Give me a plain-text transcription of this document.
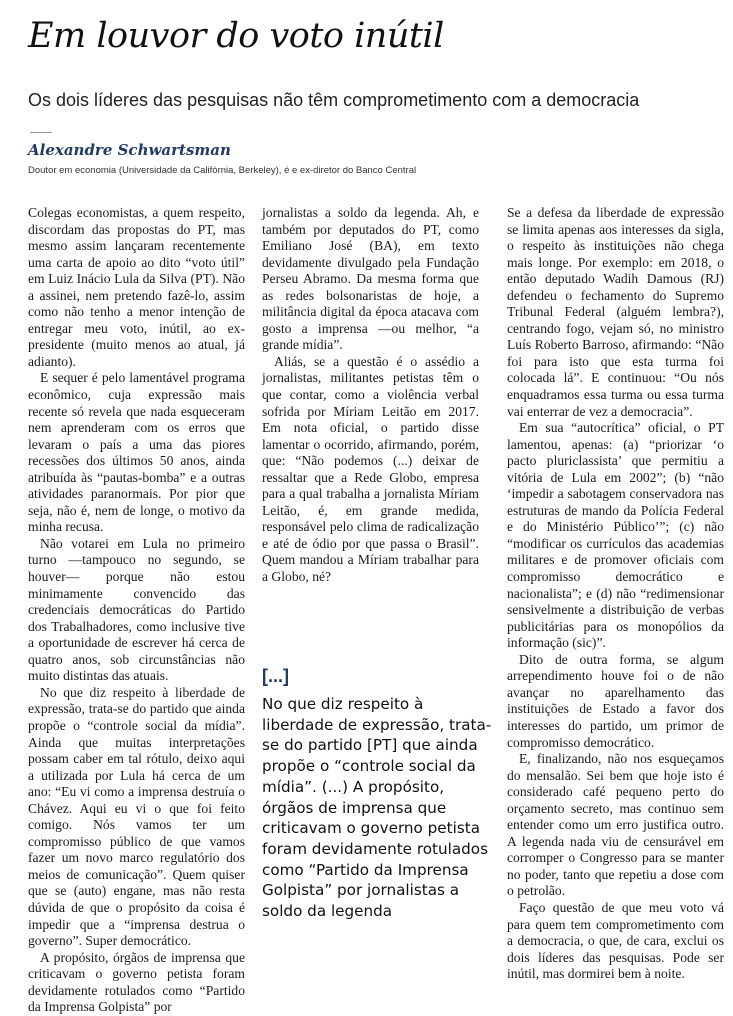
Em louvor do voto inútil
Os dois líderes das pesquisas não têm comprometimento com a democracia
Alexandre Schwartsman
Doutor em economia (Universidade da Califórnia, Berkeley), é e ex-diretor do Banco Central

Colegas economistas, a quem respeito, discordam das propostas do PT, mas mesmo assim lançaram recentemente uma carta de apoio ao dito “voto útil” em Luiz Inácio Lula da Silva (PT). Não a assinei, nem pretendo fazê-lo, assim como não tenho a menor intenção de entregar meu voto, inútil, ao ex-presidente (muito menos ao atual, já adianto).

E sequer é pelo lamentável programa econômico, cuja expressão mais recente só revela que nada esqueceram nem aprenderam com os erros que levaram o país a uma das piores recessões dos últimos 50 anos, ainda atribuída às “pautas-bomba” e a outras atividades paranormais. Por pior que seja, não é, nem de longe, o motivo da minha recusa.

Não votarei em Lula no primeiro turno —tampouco no segundo, se houver— porque não estou minimamente convencido das credenciais democráticas do Partido dos Trabalhadores, como inclusive tive a oportunidade de escrever há cerca de quatro anos, sob circunstâncias não muito distintas das atuais.

No que diz respeito à liberdade de expressão, trata-se do partido que ainda propõe o “controle social da mídia”. Ainda que muitas interpretações possam caber em tal rótulo, deixo aqui a utilizada por Lula há cerca de um ano: “Eu vi como a imprensa destruía o Chávez. Aqui eu vi o que foi feito comigo. Nós vamos ter um compromisso público de que vamos fazer um novo marco regulatório dos meios de comunicação”. Quem quiser que se (auto) engane, mas não resta dúvida de que o propósito da coisa é impedir que a “imprensa destrua o governo”. Super democrático.

A propósito, órgãos de imprensa que criticavam o governo petista foram devidamente rotulados como “Partido da Imprensa Golpista” por

jornalistas a soldo da legenda. Ah, e também por deputados do PT, como Emiliano José (BA), em texto devidamente divulgado pela Fundação Perseu Abramo. Da mesma forma que as redes bolsonaristas de hoje, a militância digital da época atacava com gosto a imprensa —ou melhor, “a grande mídia”.

Aliás, se a questão é o assédio a jornalistas, militantes petistas têm o que contar, como a violência verbal sofrida por Míriam Leitão em 2017. Em nota oficial, o partido disse lamentar o ocorrido, afirmando, porém, que: “Não podemos (...) deixar de ressaltar que a Rede Globo, empresa para a qual trabalha a jornalista Míriam Leitão, é, em grande medida, responsável pelo clima de radicalização e até de ódio por que passa o Brasil”. Quem mandou a Míriam trabalhar para a Globo, né?

[...]
No que diz respeito à liberdade de expressão, trata-se do partido [PT] que ainda propõe o “controle social da mídia”. (...) A propósito, órgãos de imprensa que criticavam o governo petista foram devidamente rotulados como “Partido da Imprensa Golpista” por jornalistas a soldo da legenda

Se a defesa da liberdade de expressão se limita apenas aos interesses da sigla, o respeito às instituições não chega mais longe. Por exemplo: em 2018, o então deputado Wadih Damous (RJ) defendeu o fechamento do Supremo Tribunal Federal (alguém lembra?), centrando fogo, vejam só, no ministro Luís Roberto Barroso, afirmando: “Não foi para isto que esta turma foi colocada lá”. E continuou: “Ou nós enquadramos essa turma ou essa turma vai enterrar de vez a democracia”.

Em sua “autocrítica” oficial, o PT lamentou, apenas: (a) “priorizar ‘o pacto pluriclassista’ que permitiu a vitória de Lula em 2002”; (b) “não ‘impedir a sabotagem conservadora nas estruturas de mando da Polícia Federal e do Ministério Público’”; (c) não “modificar os currículos das academias militares e de promover oficiais com compromisso democrático e nacionalista”; e (d) não “redimensionar sensivelmente a distribuição de verbas publicitárias para os monopólios da informação (sic)”.

Dito de outra forma, se algum arrependimento houve foi o de não avançar no aparelhamento das instituições de Estado a favor dos interesses do partido, um primor de compromisso democrático.

E, finalizando, não nos esqueçamos do mensalão. Sei bem que hoje isto é considerado café pequeno perto do orçamento secreto, mas continuo sem entender como um erro justifica outro. A legenda nada viu de censurável em corromper o Congresso para se manter no poder, tanto que repetiu a dose com o petrolão.

Faço questão de que meu voto vá para quem tem comprometimento com a democracia, o que, de cara, exclui os dois líderes das pesquisas. Pode ser inútil, mas dormirei bem à noite.
